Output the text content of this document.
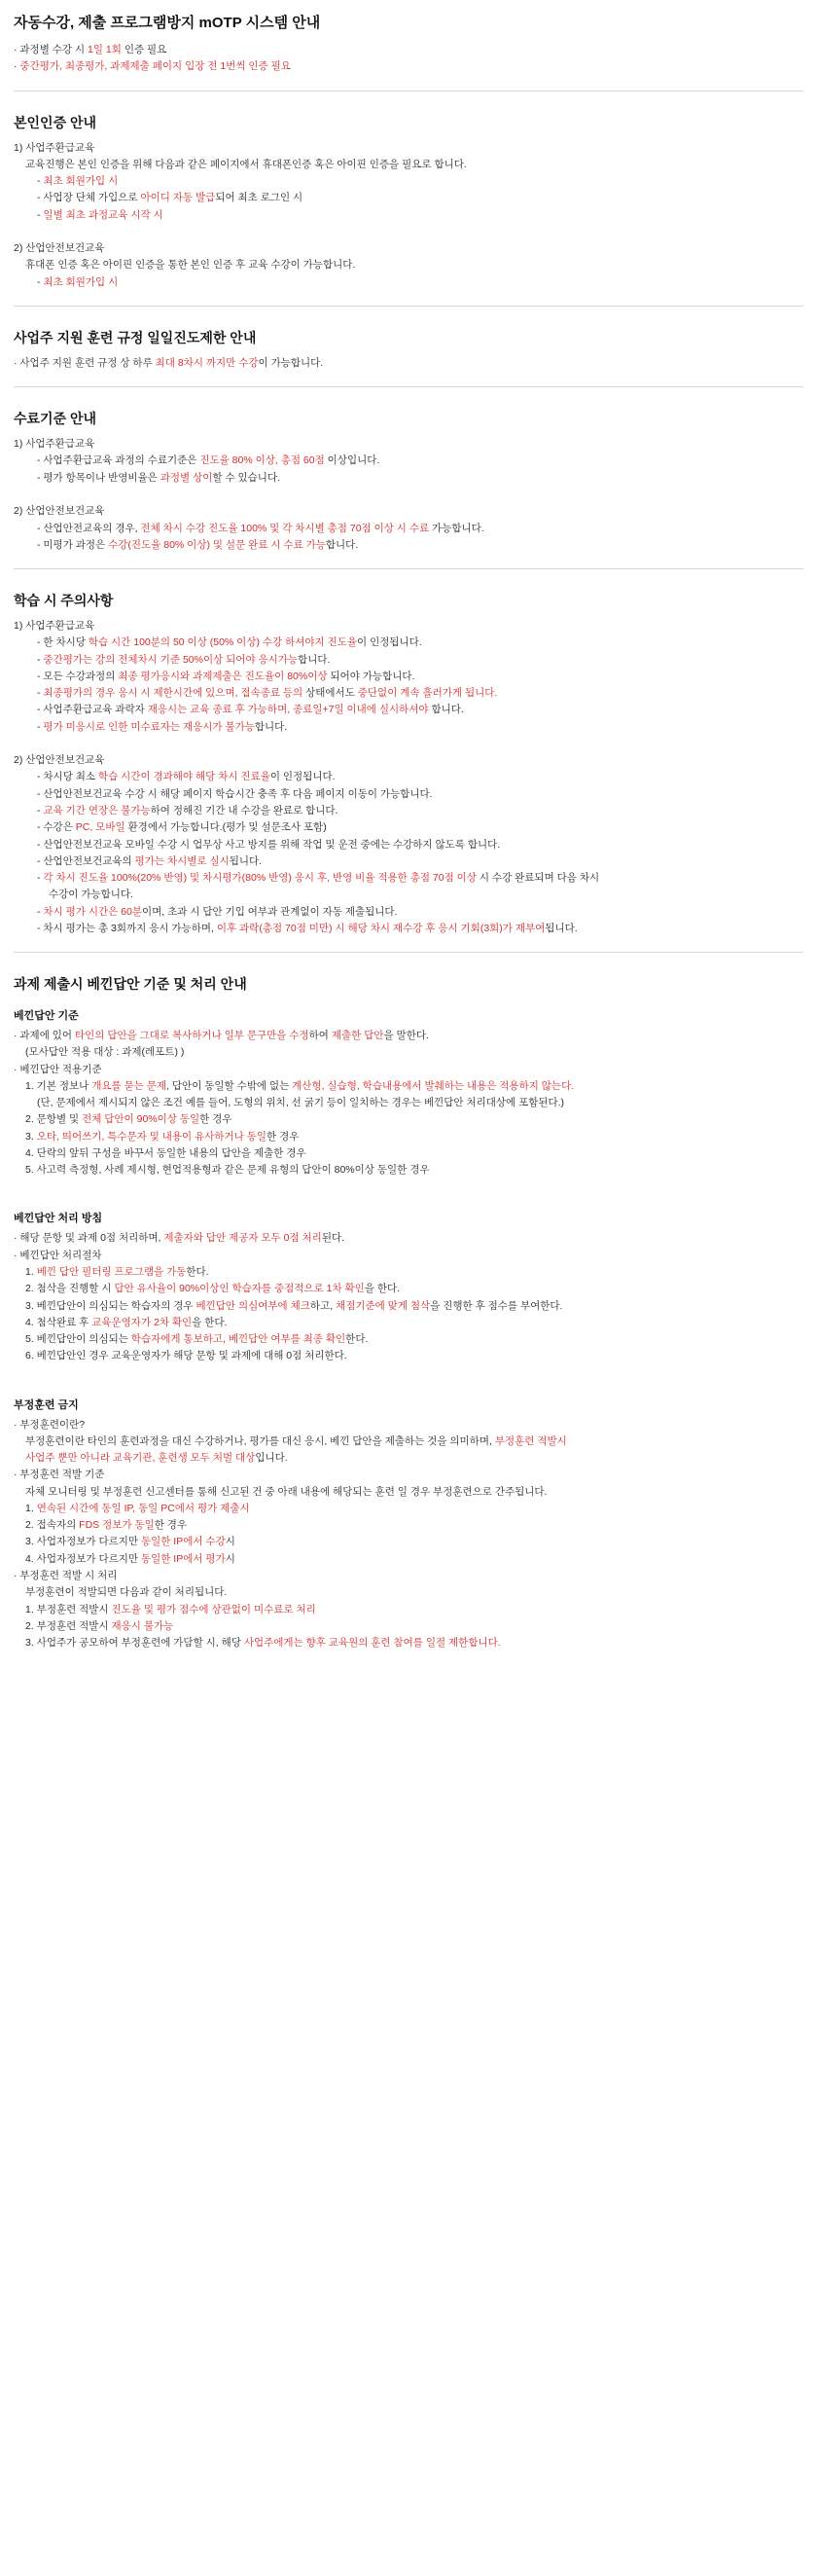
자동수강, 제출 프로그램방지 mOTP 시스템 안내
· 과정별 수강 시 1일 1회 인증 필요
· 중간평가, 최종평가, 과제제출 페이지 입장 전 1번씩 인증 필요
본인인증 안내
1) 사업주환급교육
교육진행은 본인 인증을 위해 다음과 같은 페이지에서 휴대폰인증 혹은 아이핀 인증을 필요로 합니다.
- 최초 회원가입 시
- 사업장 단체 가입으로 아이디 자동 발급되어 최초 로그인 시
- 일별 최초 과정교육 시작 시

2) 산업안전보건교육
휴대폰 인증 혹은 아이핀 인증을 통한 본인 인증 후 교육 수강이 가능합니다.
- 최초 회원가입 시
사업주 지원 훈련 규정 일일진도제한 안내
· 사업주 지원 훈련 규정 상 하루 최대 8차시 까지만 수강이 가능합니다.
수료기준 안내
1) 사업주환급교육
- 사업주환급교육 과정의 수료기준은 진도율 80% 이상, 총점 60점 이상입니다.
- 평가 항목이나 반영비율은 과정별 상이할 수 있습니다.

2) 산업안전보건교육
- 산업안전교육의 경우, 전체 차시 수강 진도율 100% 및 각 차시별 총점 70점 이상 시 수료 가능합니다.
- 미평가 과정은 수강(진도율 80% 이상) 및 설문 완료 시 수료 가능합니다.
학습 시 주의사항
1) 사업주환급교육
- 한 차시당 학습 시간 100분의 50 이상 (50% 이상) 수강 하셔야지 진도율이 인정됩니다.
- 중간평가는 강의 전체차시 기준 50%이상 되어야 응시가능합니다.
- 모든 수강과정의 최종 평가응시와 과제제출은 진도율이 80%이상 되어야 가능합니다.
- 최종평가의 경우 응시 시 제한시간에 있으며, 접속종료 등의 상태에서도 중단없이 계속 흘러가게 됩니다.
- 사업주환급교육 과락자 재응시는 교육 종료 후 가능하며, 종료일+7일 이내에 실시하셔야 합니다.
- 평가 미응시로 인한 미수료자는 재응시가 불가능합니다.

2) 산업안전보건교육
- 차시당 최소 학습 시간이 경과해야 해당 차시 진료율이 인정됩니다.
- 산업안전보건교육 수강 시 해당 페이지 학습시간 충족 후 다음 페이지 이동이 가능합니다.
- 교육 기간 연장은 불가능하여 정해진 기간 내 수강을 완료로 합니다.
- 수강은 PC, 모바일 환경에서 가능합니다.(평가 및 설문조사 포함)
- 산업안전보건교육 모바일 수강 시 업무상 사고 방지를 위해 작업 및 운전 중에는 수강하지 않도록 합니다.
- 산업안전보건교육의 평가는 차시별로 실시됩니다.
- 각 차시 진도율 100%(20% 반영) 및 차시평가(80% 반영) 응시 후, 반영 비율 적용한 총점 70점 이상 시 수강 완료되며 다음 차시
수강이 가능합니다.
- 차시 평가 시간은 60분이며, 초과 시 답안 기입 여부과 관계없이 자동 제출됩니다.
- 차시 평가는 총 3회까지 응시 가능하며, 이후 과락(총점 70점 미만) 시 해당 차시 재수강 후 응시 기회(3회)가 재부여됩니다.
과제 제출시 베낀답안 기준 및 처리 안내
베낀답안 기준
· 과제에 있어 타인의 답안을 그대로 복사하거나 일부 문구만을 수정하여 제출한 답안을 말한다.
(모사답안 적용 대상 : 과제(레포트) )
· 베낀답안 적용기준
1. 기본 정보나 개요를 묻는 문제, 답안이 동일할 수밖에 없는 계산형, 실습형, 학습내용에서 발췌하는 내용은 적용하지 않는다.
(단, 문제에서 제시되지 않은 조건 예를 들어, 도형의 위치, 선 굵기 등이 일치하는 경우는 베낀답안 처리대상에 포함된다.)
2. 문항별 및 전체 답안이 90%이상 동일한 경우
3. 오타, 띄어쓰기, 특수문자 및 내용이 유사하거나 동일한 경우
4. 단락의 앞뒤 구성을 바꾸서 동일한 내용의 답안을 제출한 경우
5. 사고력 측정형, 사례 제시형, 현업적용형과 같은 문제 유형의 답안이 80%이상 동일한 경우
베낀답안 처리 방침
· 해당 문항 및 과제 0점 처리하며, 제출자와 답안 제공자 모두 0점 처리된다.
· 베낀답안 처리절차
1. 베낀 답안 필터링 프로그램을 가동한다.
2. 첨삭을 진행할 시 답안 유사율이 90%이상인 학습자를 중점적으로 1차 확인을 한다.
3. 베낀답안이 의심되는 학습자의 경우 베낀답안 의심여부에 체크하고, 채점기준에 맞게 첨삭을 진행한 후 점수를 부여한다.
4. 첨삭완료 후 교육운영자가 2차 확인을 한다.
5. 베낀답안이 의심되는 학습자에게 통보하고, 베낀답안 여부를 최종 확인한다.
6. 베낀답안인 경우 교육운영자가 해당 문항 및 과제에 대해 0점 처리한다.
부정훈련 금지
· 부정훈련이란?
부정훈련이란 타인의 훈련과정을 대신 수강하거나, 평가를 대신 응시, 베낀 답안을 제출하는 것을 의미하며, 부정훈련 적발시
사업주 뿐만 아니라 교육기관, 훈련생 모두 처벌 대상입니다.
· 부정훈련 적발 기준
자체 모니터링 및 부정훈련 신고센터를 통해 신고된 건 중 아래 내용에 해당되는 훈련 일 경우 부정훈련으로 간주됩니다.
1. 연속된 시간에 동일 IP, 동일 PC에서 평가 제출시
2. 접속자의 FDS 정보가 동일한 경우
3. 사업자정보가 다르지만 동일한 IP에서 수강시
4. 사업자정보가 다르지만 동일한 IP에서 평가시
· 부정훈련 적발 시 처리
부정훈련이 적발되면 다음과 같이 처리됩니다.
1. 부정훈련 적발시 진도율 및 평가 점수에 상관없이 미수료로 처리
2. 부정훈련 적발시 재응시 불가능
3. 사업주가 공모하여 부정훈련에 가담할 시, 해당 사업주에게는 향후 교육원의 훈련 참여를 일절 제한합니다.
